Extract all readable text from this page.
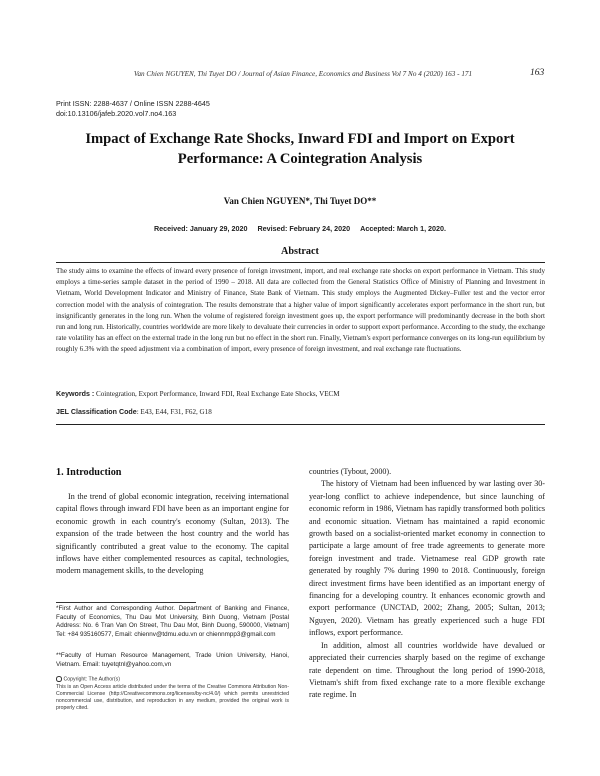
Van Chien NGUYEN, Thi Tuyet DO / Journal of Asian Finance, Economics and Business Vol 7 No 4 (2020) 163 - 171	163
Print ISSN: 2288-4637 / Online ISSN 2288-4645
doi:10.13106/jafeb.2020.vol7.no4.163
Impact of Exchange Rate Shocks, Inward FDI and Import on Export
Performance: A Cointegration Analysis
Van Chien NGUYEN*, Thi Tuyet DO**
Received: January 29, 2020 Revised: February 24, 2020 Accepted: March 1, 2020.
Abstract
The study aims to examine the effects of inward every presence of foreign investment, import, and real exchange rate shocks on export performance in Vietnam. This study employs a time-series sample dataset in the period of 1990 – 2018. All data are collected from the General Statistics Office of Ministry of Planning and Investment in Vietnam, World Development Indicator and Ministry of Finance, State Bank of Vietnam. This study employs the Augmented Dickey–Fuller test and the vector error correction model with the analysis of cointegration. The results demonstrate that a higher value of import significantly accelerates export performance in the short run, but insignificantly generates in the long run. When the volume of registered foreign investment goes up, the export performance will predominantly decrease in the both short run and long run. Historically, countries worldwide are more likely to devaluate their currencies in order to support export performance. According to the study, the exchange rate volatility has an effect on the external trade in the long run but no effect in the short run. Finally, Vietnam's export performance converges on its long-run equilibrium by roughly 6.3% with the speed adjustment via a combination of import, every presence of foreign investment, and real exchange rate fluctuations.
Keywords : Cointegration, Export Performance, Inward FDI, Real Exchange Eate Shocks, VECM
JEL Classification Code: E43, E44, F31, F62, G18
1. Introduction

In the trend of global economic integration, receiving international capital flows through inward FDI have been as an important engine for economic growth in each country's economy (Sultan, 2013). The expansion of the trade between the host country and the world has significantly contributed a great value to the economy. The capital inflows have either complemented resources as capital, technologies, modern management skills, to the developing

countries (Tybout, 2000).

The history of Vietnam had been influenced by war lasting over 30-year-long conflict to achieve independence, but since launching of economic reform in 1986, Vietnam has rapidly transformed both politics and economic situation. Vietnam has maintained a rapid economic growth based on a socialist-oriented market economy in connection to participate a large amount of free trade agreements to generate more foreign investment and trade. Vietnamese real GDP growth rate generated by roughly 7% during 1990 to 2018. Continuously, foreign direct investment firms have been identified as an important energy of financing for a developing country. It enhances economic growth and export performance (UNCTAD, 2002; Zhang, 2005; Sultan, 2013; Nguyen, 2020). Vietnam has greatly experienced such a huge FDI inflows, export performance.

In addition, almost all countries worldwide have devalued or appreciated their currencies sharply based on the regime of exchange rate dependent on time. Throughout the long period of 1990-2018, Vietnam's shift from fixed exchange rate to a more flexible exchange rate regime. In

*First Author and Corresponding Author. Department of Banking and Finance, Faculty of Economics, Thu Dau Mot University, Binh Duong, Vietnam [Postal Address: No. 6 Tran Van On Street, Thu Dau Mot, Binh Duong, 590000, Vietnam] Tel: +84 935160577, Email: chiennv@tdmu.edu.vn or chiennmpp3@gmail.com
**Faculty of Human Resource Management, Trade Union University, Hanoi, Vietnam. Email: tuyetqtnl@yahoo.com,vn
Copyright: The Author(s)
This is an Open Access article distributed under the terms of the Creative Commons Attribution Non-Commercial License (http://Creativecommons.org/licenses/by-nc/4.0/) which permits unrestricted noncommercial use, distribution, and reproduction in any medium, provided the original work is properly cited.
